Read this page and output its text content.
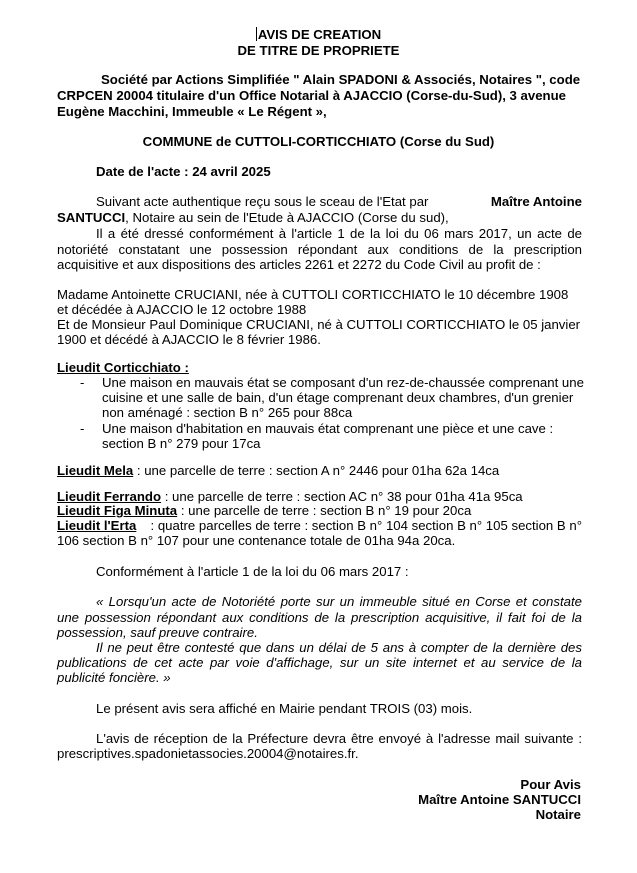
AVIS DE CREATION
DE TITRE DE PROPRIETE
Société par Actions Simplifiée " Alain SPADONI & Associés, Notaires ", code
CRPCEN 20004 titulaire d'un Office Notarial à AJACCIO (Corse-du-Sud), 3 avenue
Eugène Macchini, Immeuble « Le Régent »,
COMMUNE de CUTTOLI-CORTICCHIATO (Corse du Sud)
Date de l'acte : 24 avril 2025
Suivant acte authentique reçu sous le sceau de l'Etat par	Maître Antoine
SANTUCCI, Notaire au sein de l'Etude à AJACCIO (Corse du sud),
Il a été dressé conformément à l'article 1 de la loi du 06 mars 2017, un acte de
notoriété constatant une possession répondant aux conditions de la prescription
acquisitive et aux dispositions des articles 2261 et 2272 du Code Civil au profit de :
Madame Antoinette CRUCIANI, née à CUTTOLI CORTICCHIATO le 10 décembre 1908
et décédée à AJACCIO le 12 octobre 1988
Et de Monsieur Paul Dominique CRUCIANI, né à CUTTOLI CORTICCHIATO le 05 janvier
1900 et décédé à AJACCIO le 8 février 1986.
Lieudit Corticchiato :
- Une maison en mauvais état se composant d'un rez-de-chaussée comprenant une
cuisine et une salle de bain, d'un étage comprenant deux chambres, d'un grenier
non aménagé : section B n° 265 pour 88ca
- Une maison d'habitation en mauvais état comprenant une pièce et une cave :
section B n° 279 pour 17ca
Lieudit Mela : une parcelle de terre : section A n° 2446 pour 01ha 62a 14ca
Lieudit Ferrando : une parcelle de terre : section AC n° 38 pour 01ha 41a 95ca
Lieudit Figa Minuta : une parcelle de terre : section B n° 19 pour 20ca
Lieudit l'Erta : quatre parcelles de terre : section B n° 104 section B n° 105 section B n°
106 section B n° 107 pour une contenance totale de 01ha 94a 20ca.
Conformément à l'article 1 de la loi du 06 mars 2017 :
« Lorsqu'un acte de Notoriété porte sur un immeuble situé en Corse et constate
une possession répondant aux conditions de la prescription acquisitive, il fait foi de la
possession, sauf preuve contraire.
Il ne peut être contesté que dans un délai de 5 ans à compter de la dernière des
publications de cet acte par voie d'affichage, sur un site internet et au service de la
publicité foncière. »
Le présent avis sera affiché en Mairie pendant TROIS (03) mois.
L'avis de réception de la Préfecture devra être envoyé à l'adresse mail suivante :
prescriptives.spadonietassocies.20004@notaires.fr.
Pour Avis
Maître Antoine SANTUCCI
Notaire
